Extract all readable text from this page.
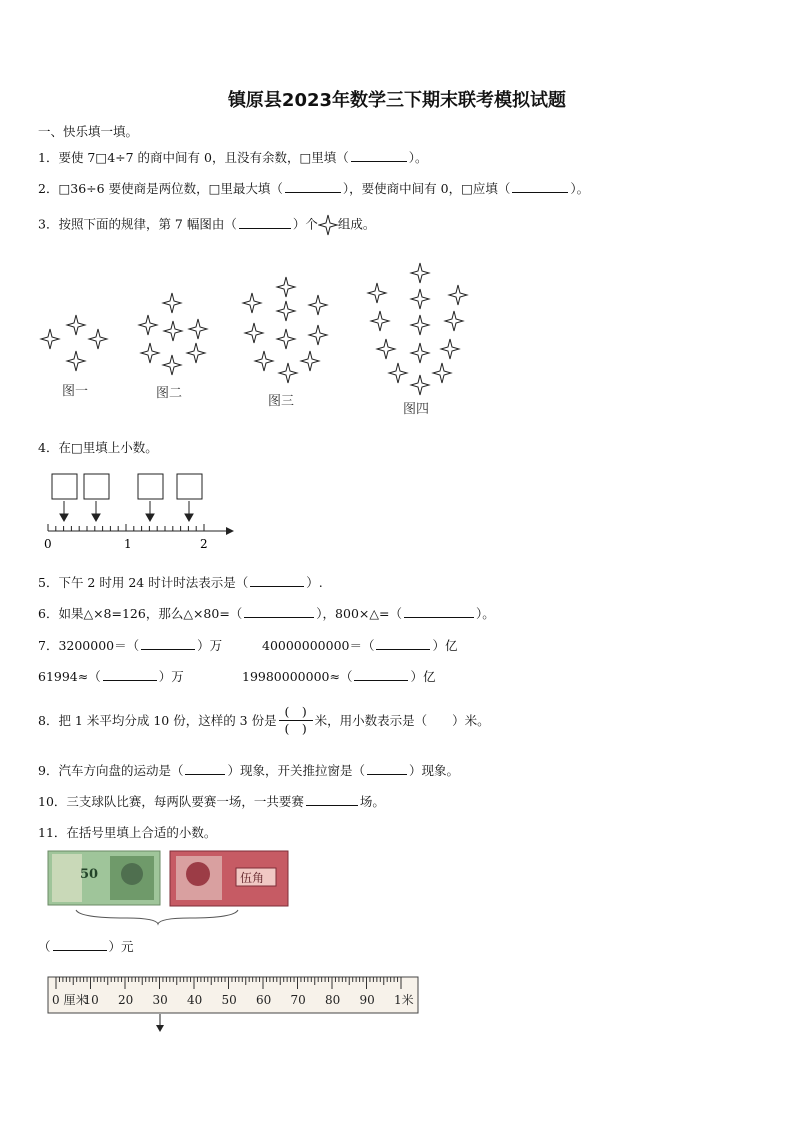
镇原县2023年数学三下期末联考模拟试题
一、快乐填一填。
1．要使 7□4÷7 的商中间有 0，且没有余数，□里填（	）。
2．□36÷6 要使商是两位数，□里最大填（	），要使商中间有 0，□应填（	）。
3．按照下面的规律，第 7 幅图由（	）个 组成。
图一	图二
图三
图四
4．在□里填上小数。
0	1	2
5．下午 2 时用 24 时计时法表示是（	）.
6．如果△×8=126，那么△×80=（	），800×△=（	）。
7．3200000＝（	）万	40000000000＝（	）亿
61994≈（	）万	19980000000≈（	）亿
8．把 1 米平均分成 10 份，这样的 3 份是 $\frac{( )}{( )}$ 米，用小数表示是（　　）米。
9．汽车方向盘的运动是（	）现象，开关推拉窗是（	）现象。
10．三支球队比赛，每两队要赛一场，一共要赛	场。
11．在括号里填上合适的小数。
50	伍角
（	）元
0 厘米
10 20 30 40 50 60 70 80 90 1米
